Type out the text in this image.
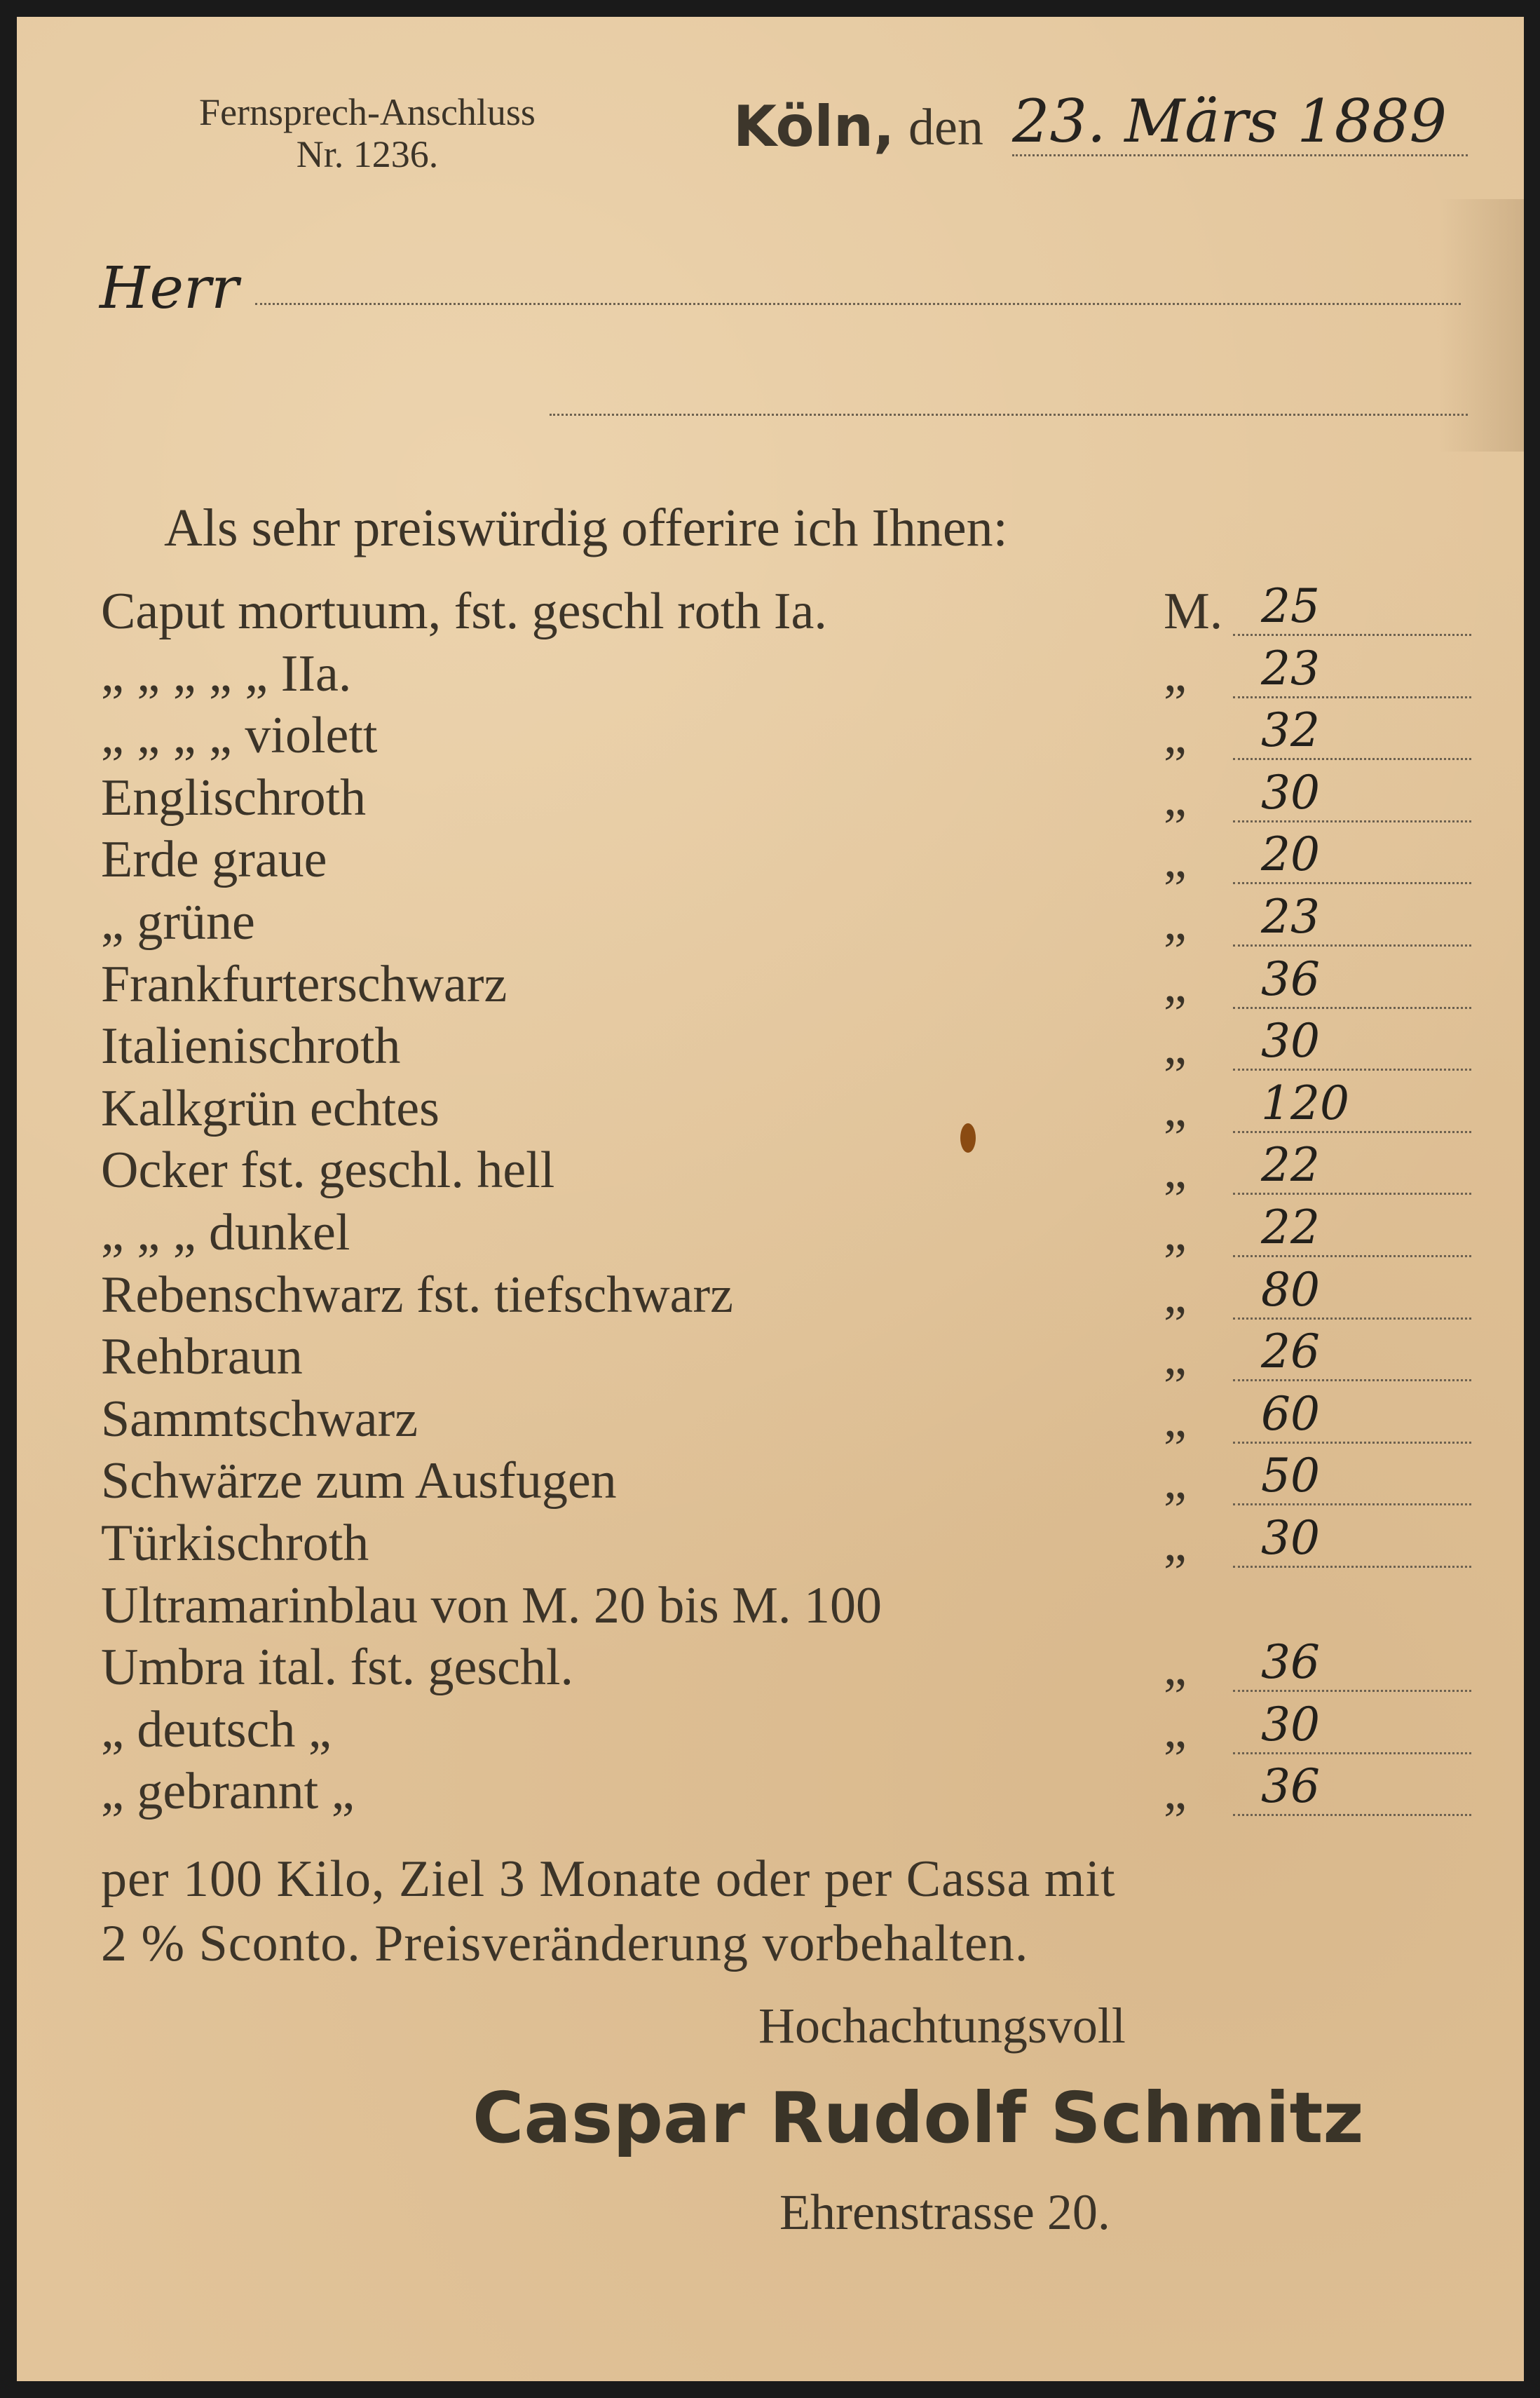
Fernsprech-Anschluss
Nr. 1236.	Köln, den 23. Märs 1889
Herr
Als sehr preiswürdig offerire ich Ihnen:
Caput mortuum, fst. geschl roth Ia.	M. 25
„ „ „ „ „ IIa.	„ 23
„ „ „ „ violett	„ 32
Englischroth	„ 30
Erde graue	„ 20
„ grüne	„ 23
Frankfurterschwarz	„ 36
Italienischroth	„ 30
Kalkgrün echtes	„ 120
Ocker fst. geschl. hell	„ 22
„ „ „ dunkel	„ 22
Rebenschwarz fst. tiefschwarz	„ 80
Rehbraun	„ 26
Sammtschwarz	„ 60
Schwärze zum Ausfugen	„ 50
Türkischroth	„ 30
Ultramarinblau von M. 20 bis M. 100
Umbra ital. fst. geschl.	„ 36
„ deutsch „	„ 30
„ gebrannt „	„ 36
per 100 Kilo, Ziel 3 Monate oder per Cassa mit
2 % Sconto. Preisveränderung vorbehalten.
Hochachtungsvoll
Caspar Rudolf Schmitz
Ehrenstrasse 20.
